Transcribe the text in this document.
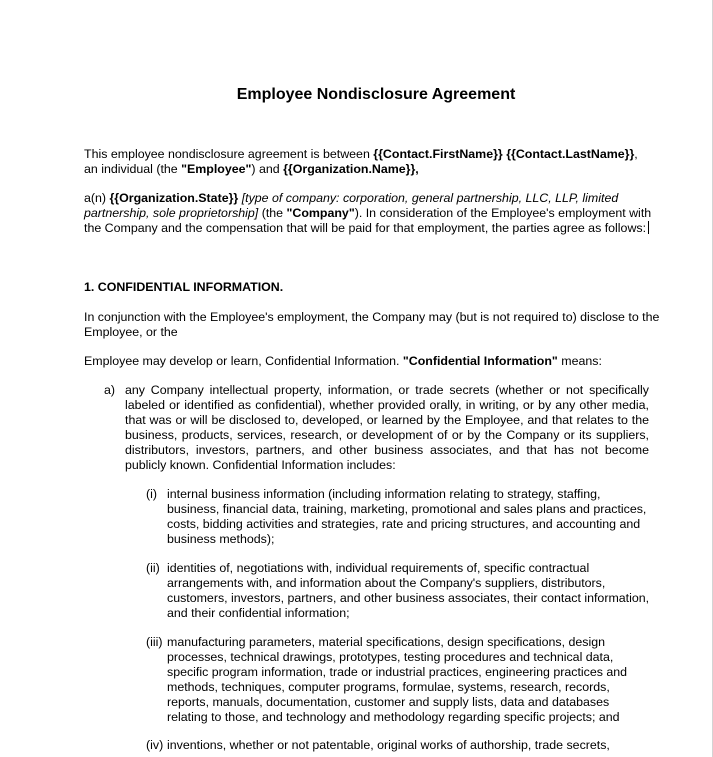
Employee Nondisclosure Agreement

This employee nondisclosure agreement is between {{Contact.FirstName}} {{Contact.LastName}},
an individual (the "Employee") and {{Organization.Name}},

a(n) {{Organization.State}} [type of company: corporation, general partnership, LLC, LLP, limited partnership, sole proprietorship] (the "Company"). In consideration of the Employee's employment with the Company and the compensation that will be paid for that employment, the parties agree as follows:

1. CONFIDENTIAL INFORMATION.

In conjunction with the Employee's employment, the Company may (but is not required to) disclose to the Employee, or the

Employee may develop or learn, Confidential Information. "Confidential Information" means:

a) any Company intellectual property, information, or trade secrets (whether or not specifically labeled or identified as confidential), whether provided orally, in writing, or by any other media, that was or will be disclosed to, developed, or learned by the Employee, and that relates to the business, products, services, research, or development of or by the Company or its suppliers, distributors, investors, partners, and other business associates, and that has not become publicly known. Confidential Information includes:

(i) internal business information (including information relating to strategy, staffing, business, financial data, training, marketing, promotional and sales plans and practices, costs, bidding activities and strategies, rate and pricing structures, and accounting and business methods);

(ii) identities of, negotiations with, individual requirements of, specific contractual arrangements with, and information about the Company's suppliers, distributors, customers, investors, partners, and other business associates, their contact information, and their confidential information;

(iii) manufacturing parameters, material specifications, design specifications, design processes, technical drawings, prototypes, testing procedures and technical data, specific program information, trade or industrial practices, engineering practices and methods, techniques, computer programs, formulae, systems, research, records, reports, manuals, documentation, customer and supply lists, data and databases relating to those, and technology and methodology regarding specific projects; and

(iv) inventions, whether or not patentable, original works of authorship, trade secrets,
